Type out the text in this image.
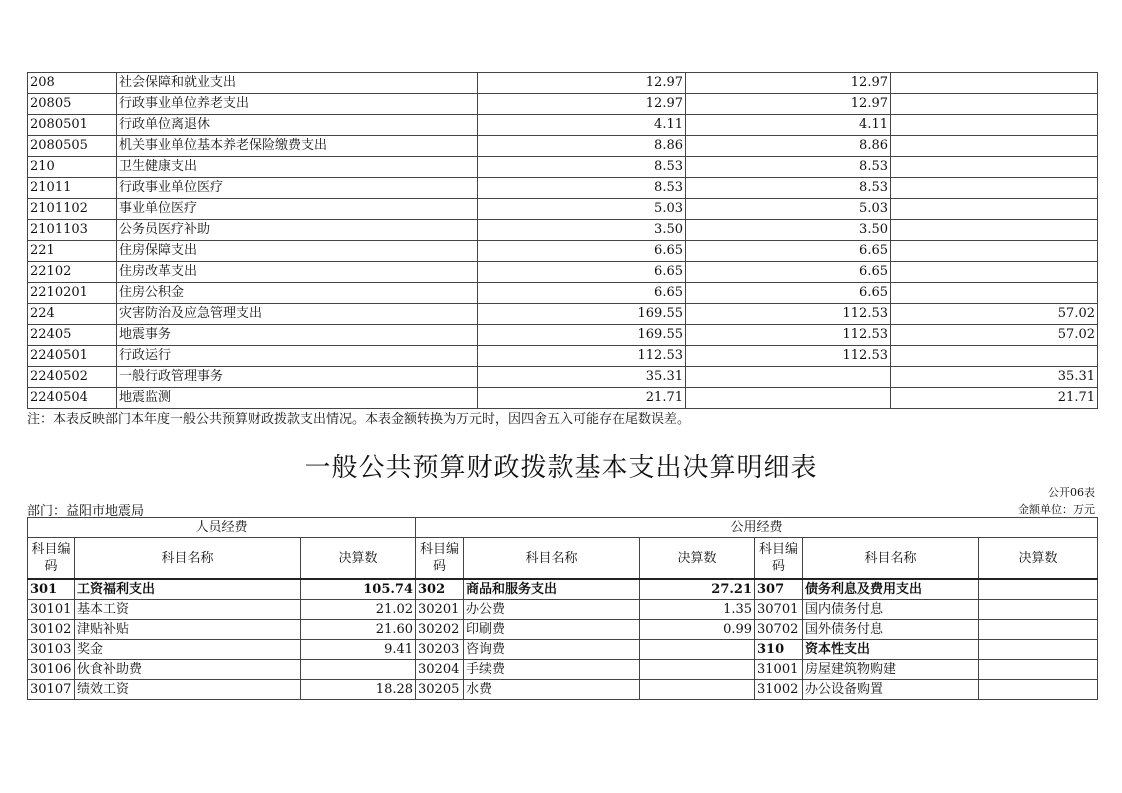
208	社会保障和就业支出	12.97	12.97	
20805	行政事业单位养老支出	12.97	12.97	
2080501	行政单位离退休	4.11	4.11	
2080505	机关事业单位基本养老保险缴费支出	8.86	8.86	
210	卫生健康支出	8.53	8.53	
21011	行政事业单位医疗	8.53	8.53	
2101102	事业单位医疗	5.03	5.03	
2101103	公务员医疗补助	3.50	3.50	
221	住房保障支出	6.65	6.65	
22102	住房改革支出	6.65	6.65	
2210201	住房公积金	6.65	6.65	
224	灾害防治及应急管理支出	169.55	112.53	57.02
22405	地震事务	169.55	112.53	57.02
2240501	行政运行	112.53	112.53	
2240502	一般行政管理事务	35.31		35.31
2240504	地震监测	21.71		21.71
注：本表反映部门本年度一般公共预算财政拨款支出情况。本表金额转换为万元时，因四舍五入可能存在尾数误差。
一般公共预算财政拨款基本支出决算明细表
公开06表
部门：益阳市地震局	金额单位：万元
人员经费			公用经费					
科目编码	科目名称	决算数	科目编码	科目名称	决算数	科目编码	科目名称	决算数
301	工资福利支出	105.74	302	商品和服务支出	27.21	307	债务利息及费用支出	
30101	基本工资	21.02	30201	办公费	1.35	30701	国内债务付息	
30102	津贴补贴	21.60	30202	印刷费	0.99	30702	国外债务付息	
30103	奖金	9.41	30203	咨询费		310	资本性支出	
30106	伙食补助费		30204	手续费		31001	房屋建筑物购建	
30107	绩效工资	18.28	30205	水费		31002	办公设备购置	
